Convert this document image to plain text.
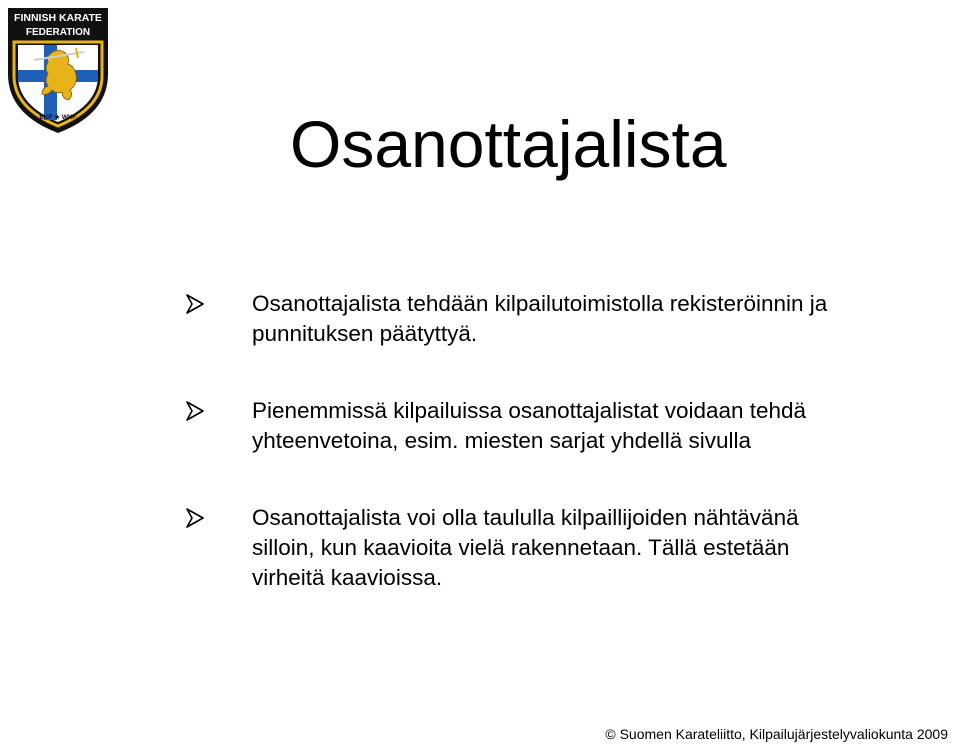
FINNISH KARATE
FEDERATION
EKF ★ WKF	Osanottajalista
Osanottajalista tehdään kilpailutoimistolla rekisteröinnin ja
punnituksen päätyttyä.
Pienemmissä kilpailuissa osanottajalistat voidaan tehdä
yhteenvetoina, esim. miesten sarjat yhdellä sivulla
Osanottajalista voi olla taululla kilpaillijoiden nähtävänä
silloin, kun kaavioita vielä rakennetaan. Tällä estetään
virheitä kaavioissa.
© Suomen Karateliitto, Kilpailujärjestelyvaliokunta 2009
